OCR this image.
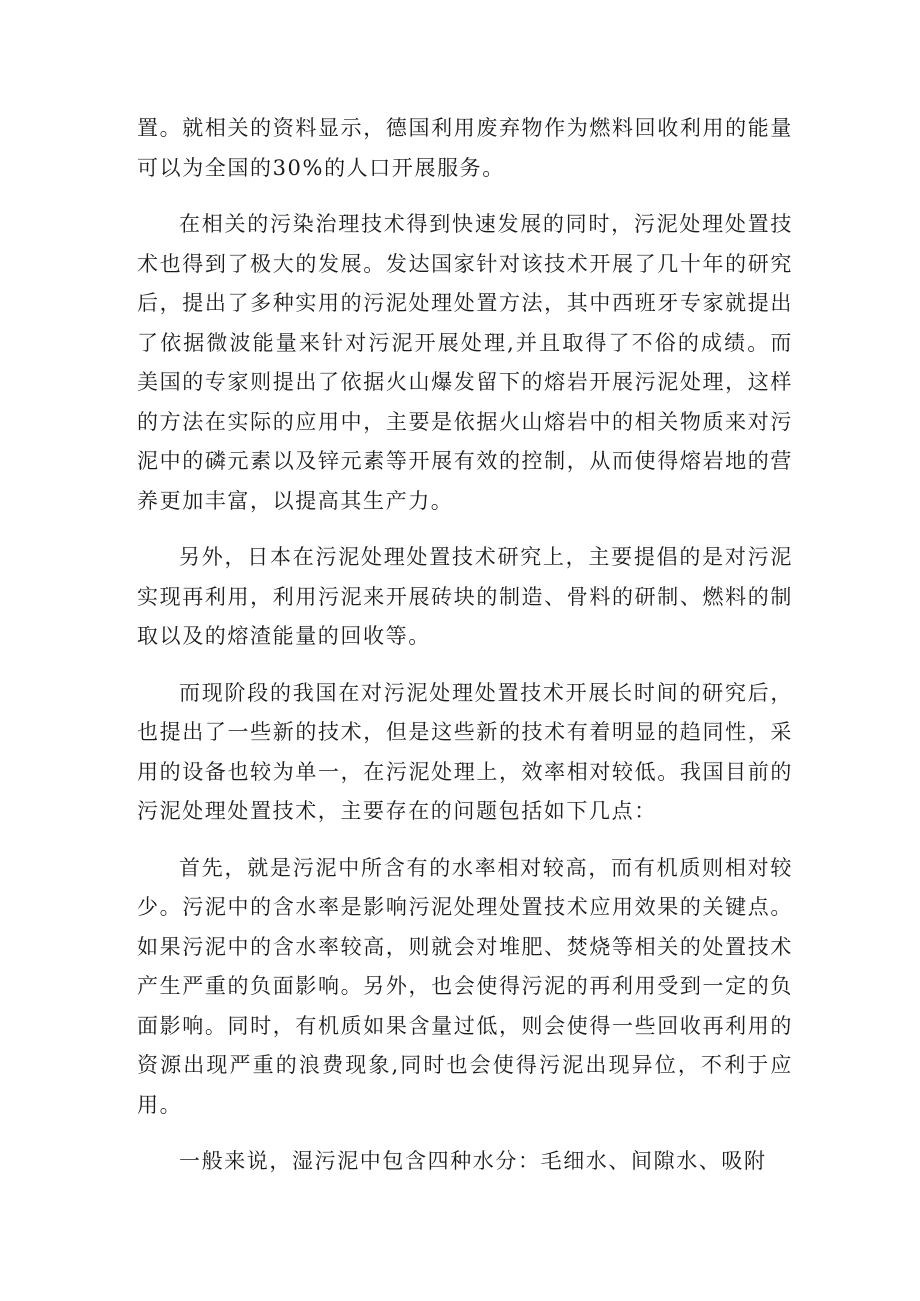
置。就相关的资料显示，德国利用废弃物作为燃料回收利用的能量可以为全国的30%的人口开展服务。

在相关的污染治理技术得到快速发展的同时，污泥处理处置技术也得到了极大的发展。发达国家针对该技术开展了几十年的研究后，提出了多种实用的污泥处理处置方法，其中西班牙专家就提出了依据微波能量来针对污泥开展处理,并且取得了不俗的成绩。而美国的专家则提出了依据火山爆发留下的熔岩开展污泥处理，这样的方法在实际的应用中，主要是依据火山熔岩中的相关物质来对污泥中的磷元素以及锌元素等开展有效的控制，从而使得熔岩地的营养更加丰富，以提高其生产力。

另外，日本在污泥处理处置技术研究上，主要提倡的是对污泥实现再利用，利用污泥来开展砖块的制造、骨料的研制、燃料的制取以及的熔渣能量的回收等。

而现阶段的我国在对污泥处理处置技术开展长时间的研究后，也提出了一些新的技术，但是这些新的技术有着明显的趋同性，采用的设备也较为单一，在污泥处理上，效率相对较低。我国目前的污泥处理处置技术，主要存在的问题包括如下几点：

首先，就是污泥中所含有的水率相对较高，而有机质则相对较少。污泥中的含水率是影响污泥处理处置技术应用效果的关键点。如果污泥中的含水率较高，则就会对堆肥、焚烧等相关的处置技术产生严重的负面影响。另外，也会使得污泥的再利用受到一定的负面影响。同时，有机质如果含量过低，则会使得一些回收再利用的资源出现严重的浪费现象,同时也会使得污泥出现异位，不利于应用。

一般来说，湿污泥中包含四种水分：毛细水、间隙水、吸附
